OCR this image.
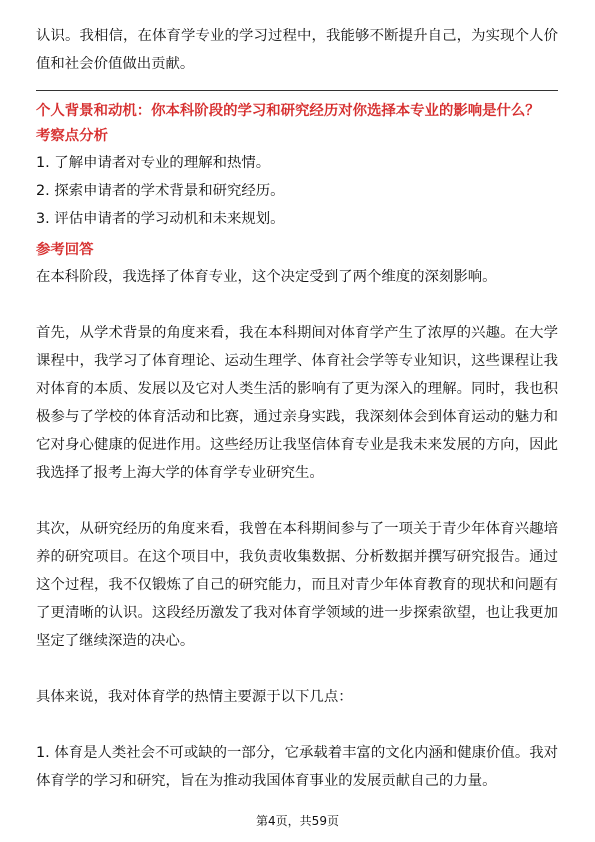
认识。我相信，在体育学专业的学习过程中，我能够不断提升自己，为实现个人价值和社会价值做出贡献。

个人背景和动机：你本科阶段的学习和研究经历对你选择本专业的影响是什么？

考察点分析

1. 了解申请者对专业的理解和热情。

2. 探索申请者的学术背景和研究经历。

3. 评估申请者的学习动机和未来规划。

参考回答

在本科阶段，我选择了体育专业，这个决定受到了两个维度的深刻影响。

首先，从学术背景的角度来看，我在本科期间对体育学产生了浓厚的兴趣。在大学课程中，我学习了体育理论、运动生理学、体育社会学等专业知识，这些课程让我对体育的本质、发展以及它对人类生活的影响有了更为深入的理解。同时，我也积极参与了学校的体育活动和比赛，通过亲身实践，我深刻体会到体育运动的魅力和它对身心健康的促进作用。这些经历让我坚信体育专业是我未来发展的方向，因此我选择了报考上海大学的体育学专业研究生。

其次，从研究经历的角度来看，我曾在本科期间参与了一项关于青少年体育兴趣培养的研究项目。在这个项目中，我负责收集数据、分析数据并撰写研究报告。通过这个过程，我不仅锻炼了自己的研究能力，而且对青少年体育教育的现状和问题有了更清晰的认识。这段经历激发了我对体育学领域的进一步探索欲望，也让我更加坚定了继续深造的决心。

具体来说，我对体育学的热情主要源于以下几点：

1. 体育是人类社会不可或缺的一部分，它承载着丰富的文化内涵和健康价值。我对体育学的学习和研究，旨在为推动我国体育事业的发展贡献自己的力量。

第4页，共59页
